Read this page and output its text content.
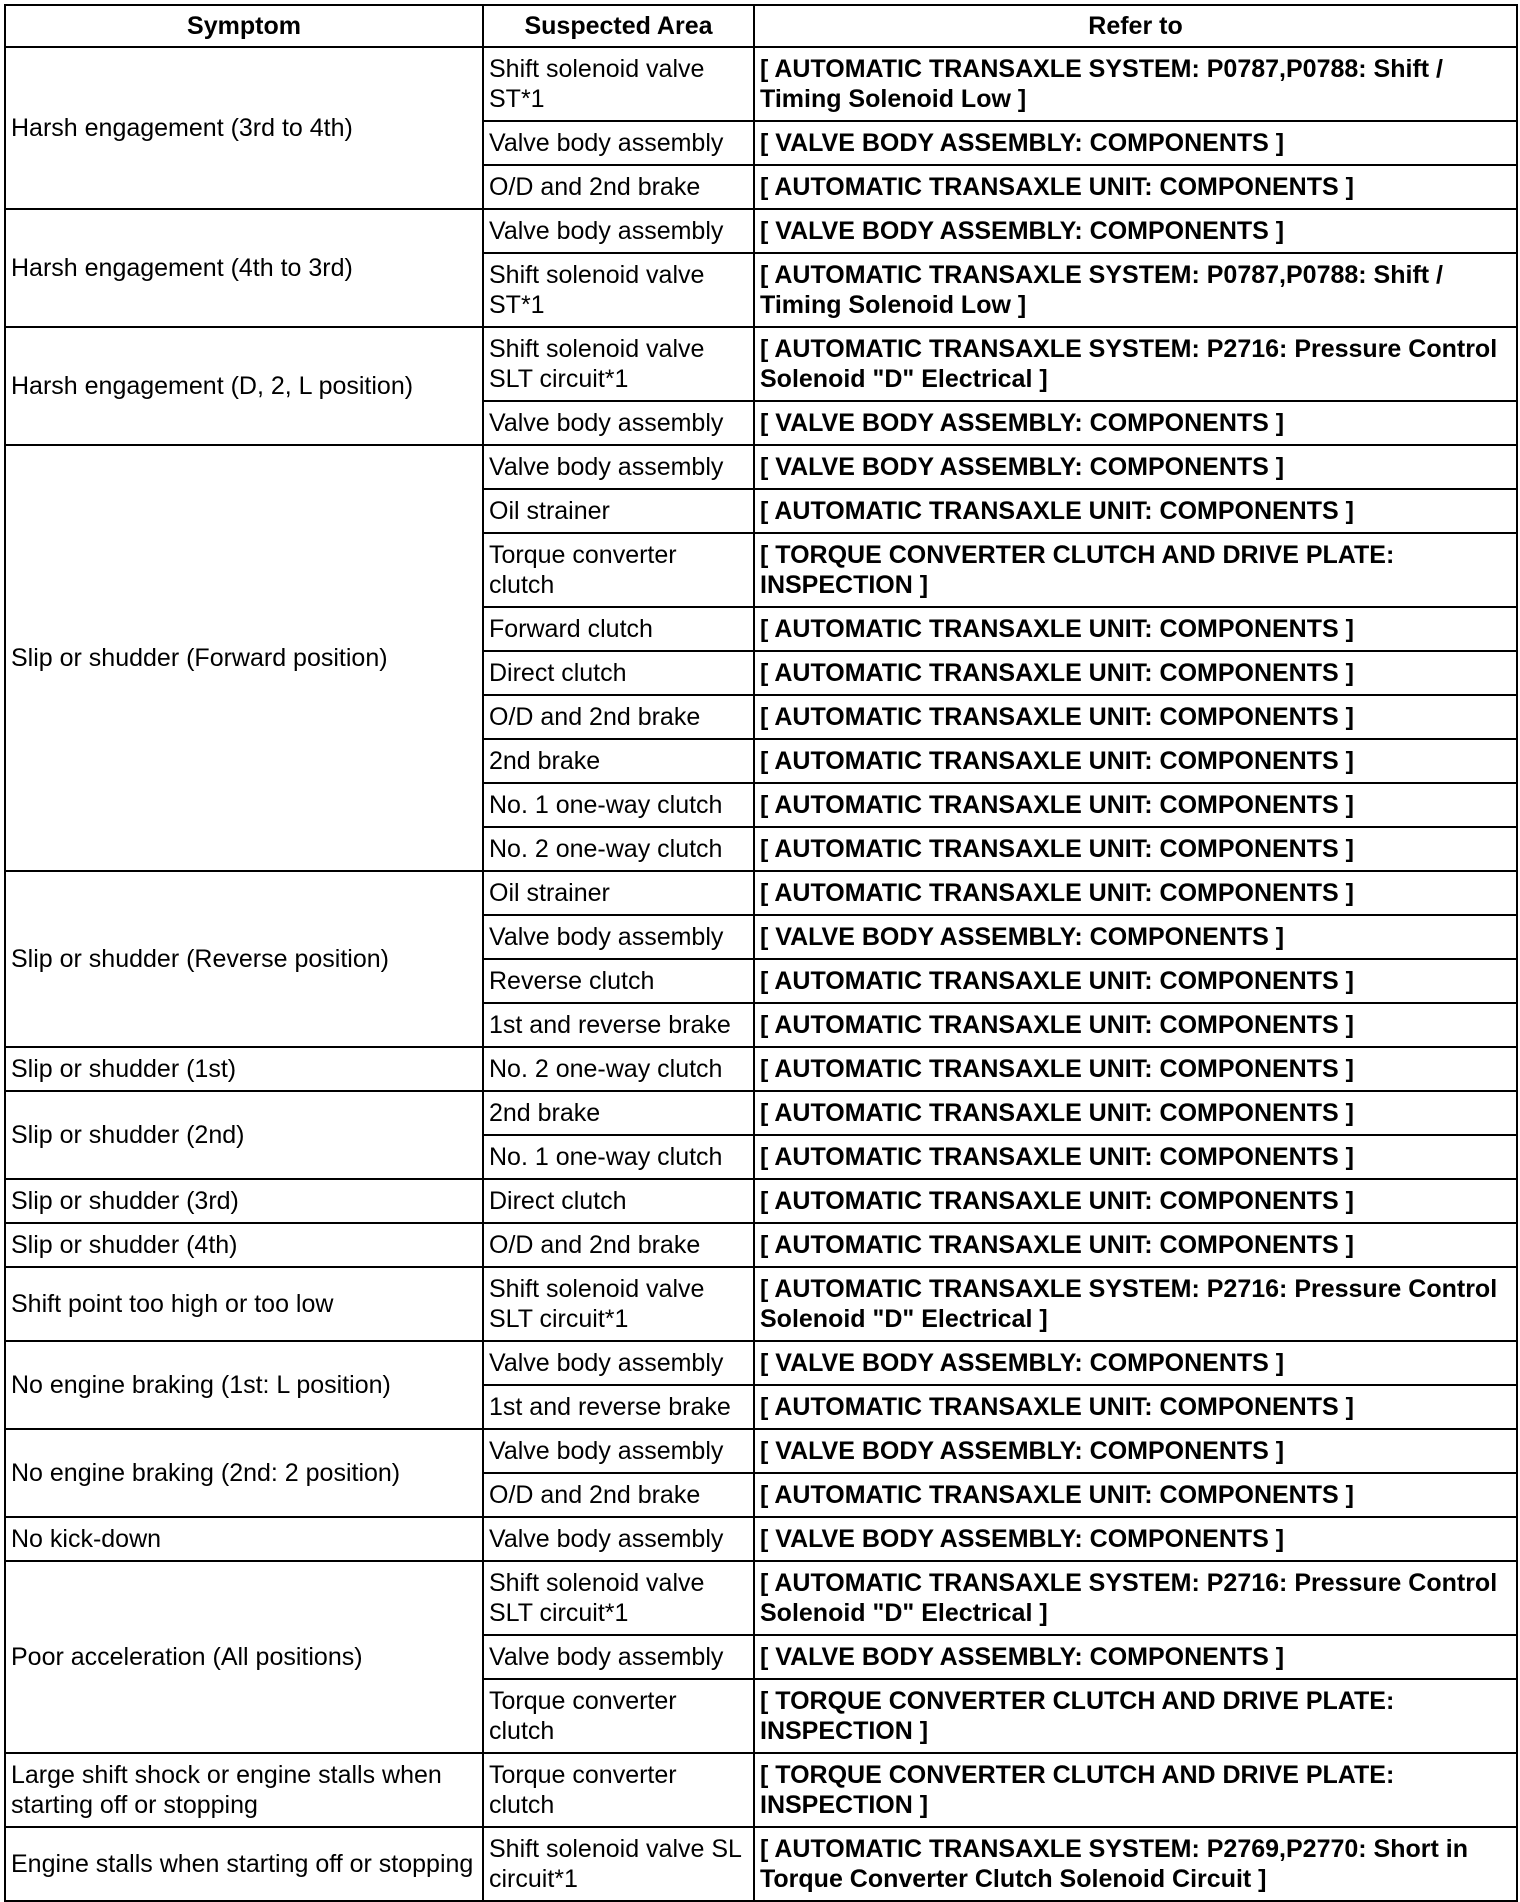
Symptom	Suspected Area	Refer to
Harsh engagement (3rd to 4th)	Shift solenoid valve ST*1	[ AUTOMATIC TRANSAXLE SYSTEM: P0787,P0788: Shift / Timing Solenoid Low ]
	Valve body assembly	[ VALVE BODY ASSEMBLY: COMPONENTS ]
	O/D and 2nd brake	[ AUTOMATIC TRANSAXLE UNIT: COMPONENTS ]
Harsh engagement (4th to 3rd)	Valve body assembly	[ VALVE BODY ASSEMBLY: COMPONENTS ]
	Shift solenoid valve ST*1	[ AUTOMATIC TRANSAXLE SYSTEM: P0787,P0788: Shift / Timing Solenoid Low ]
Harsh engagement (D, 2, L position)	Shift solenoid valve SLT circuit*1	[ AUTOMATIC TRANSAXLE SYSTEM: P2716: Pressure Control Solenoid "D" Electrical ]
	Valve body assembly	[ VALVE BODY ASSEMBLY: COMPONENTS ]
Slip or shudder (Forward position)	Valve body assembly	[ VALVE BODY ASSEMBLY: COMPONENTS ]
	Oil strainer	[ AUTOMATIC TRANSAXLE UNIT: COMPONENTS ]
	Torque converter clutch	[ TORQUE CONVERTER CLUTCH AND DRIVE PLATE: INSPECTION ]
	Forward clutch	[ AUTOMATIC TRANSAXLE UNIT: COMPONENTS ]
	Direct clutch	[ AUTOMATIC TRANSAXLE UNIT: COMPONENTS ]
	O/D and 2nd brake	[ AUTOMATIC TRANSAXLE UNIT: COMPONENTS ]
	2nd brake	[ AUTOMATIC TRANSAXLE UNIT: COMPONENTS ]
	No. 1 one-way clutch	[ AUTOMATIC TRANSAXLE UNIT: COMPONENTS ]
	No. 2 one-way clutch	[ AUTOMATIC TRANSAXLE UNIT: COMPONENTS ]
Slip or shudder (Reverse position)	Oil strainer	[ AUTOMATIC TRANSAXLE UNIT: COMPONENTS ]
	Valve body assembly	[ VALVE BODY ASSEMBLY: COMPONENTS ]
	Reverse clutch	[ AUTOMATIC TRANSAXLE UNIT: COMPONENTS ]
	1st and reverse brake	[ AUTOMATIC TRANSAXLE UNIT: COMPONENTS ]
Slip or shudder (1st)	No. 2 one-way clutch	[ AUTOMATIC TRANSAXLE UNIT: COMPONENTS ]
Slip or shudder (2nd)	2nd brake	[ AUTOMATIC TRANSAXLE UNIT: COMPONENTS ]
	No. 1 one-way clutch	[ AUTOMATIC TRANSAXLE UNIT: COMPONENTS ]
Slip or shudder (3rd)	Direct clutch	[ AUTOMATIC TRANSAXLE UNIT: COMPONENTS ]
Slip or shudder (4th)	O/D and 2nd brake	[ AUTOMATIC TRANSAXLE UNIT: COMPONENTS ]
Shift point too high or too low	Shift solenoid valve SLT circuit*1	[ AUTOMATIC TRANSAXLE SYSTEM: P2716: Pressure Control Solenoid "D" Electrical ]
No engine braking (1st: L position)	Valve body assembly	[ VALVE BODY ASSEMBLY: COMPONENTS ]
	1st and reverse brake	[ AUTOMATIC TRANSAXLE UNIT: COMPONENTS ]
No engine braking (2nd: 2 position)	Valve body assembly	[ VALVE BODY ASSEMBLY: COMPONENTS ]
	O/D and 2nd brake	[ AUTOMATIC TRANSAXLE UNIT: COMPONENTS ]
No kick-down	Valve body assembly	[ VALVE BODY ASSEMBLY: COMPONENTS ]
Poor acceleration (All positions)	Shift solenoid valve SLT circuit*1	[ AUTOMATIC TRANSAXLE SYSTEM: P2716: Pressure Control Solenoid "D" Electrical ]
	Valve body assembly	[ VALVE BODY ASSEMBLY: COMPONENTS ]
	Torque converter clutch	[ TORQUE CONVERTER CLUTCH AND DRIVE PLATE: INSPECTION ]
Large shift shock or engine stalls when starting off or stopping	Torque converter clutch	[ TORQUE CONVERTER CLUTCH AND DRIVE PLATE: INSPECTION ]
Engine stalls when starting off or stopping	Shift solenoid valve SL circuit*1	[ AUTOMATIC TRANSAXLE SYSTEM: P2769,P2770: Short in Torque Converter Clutch Solenoid Circuit ]
